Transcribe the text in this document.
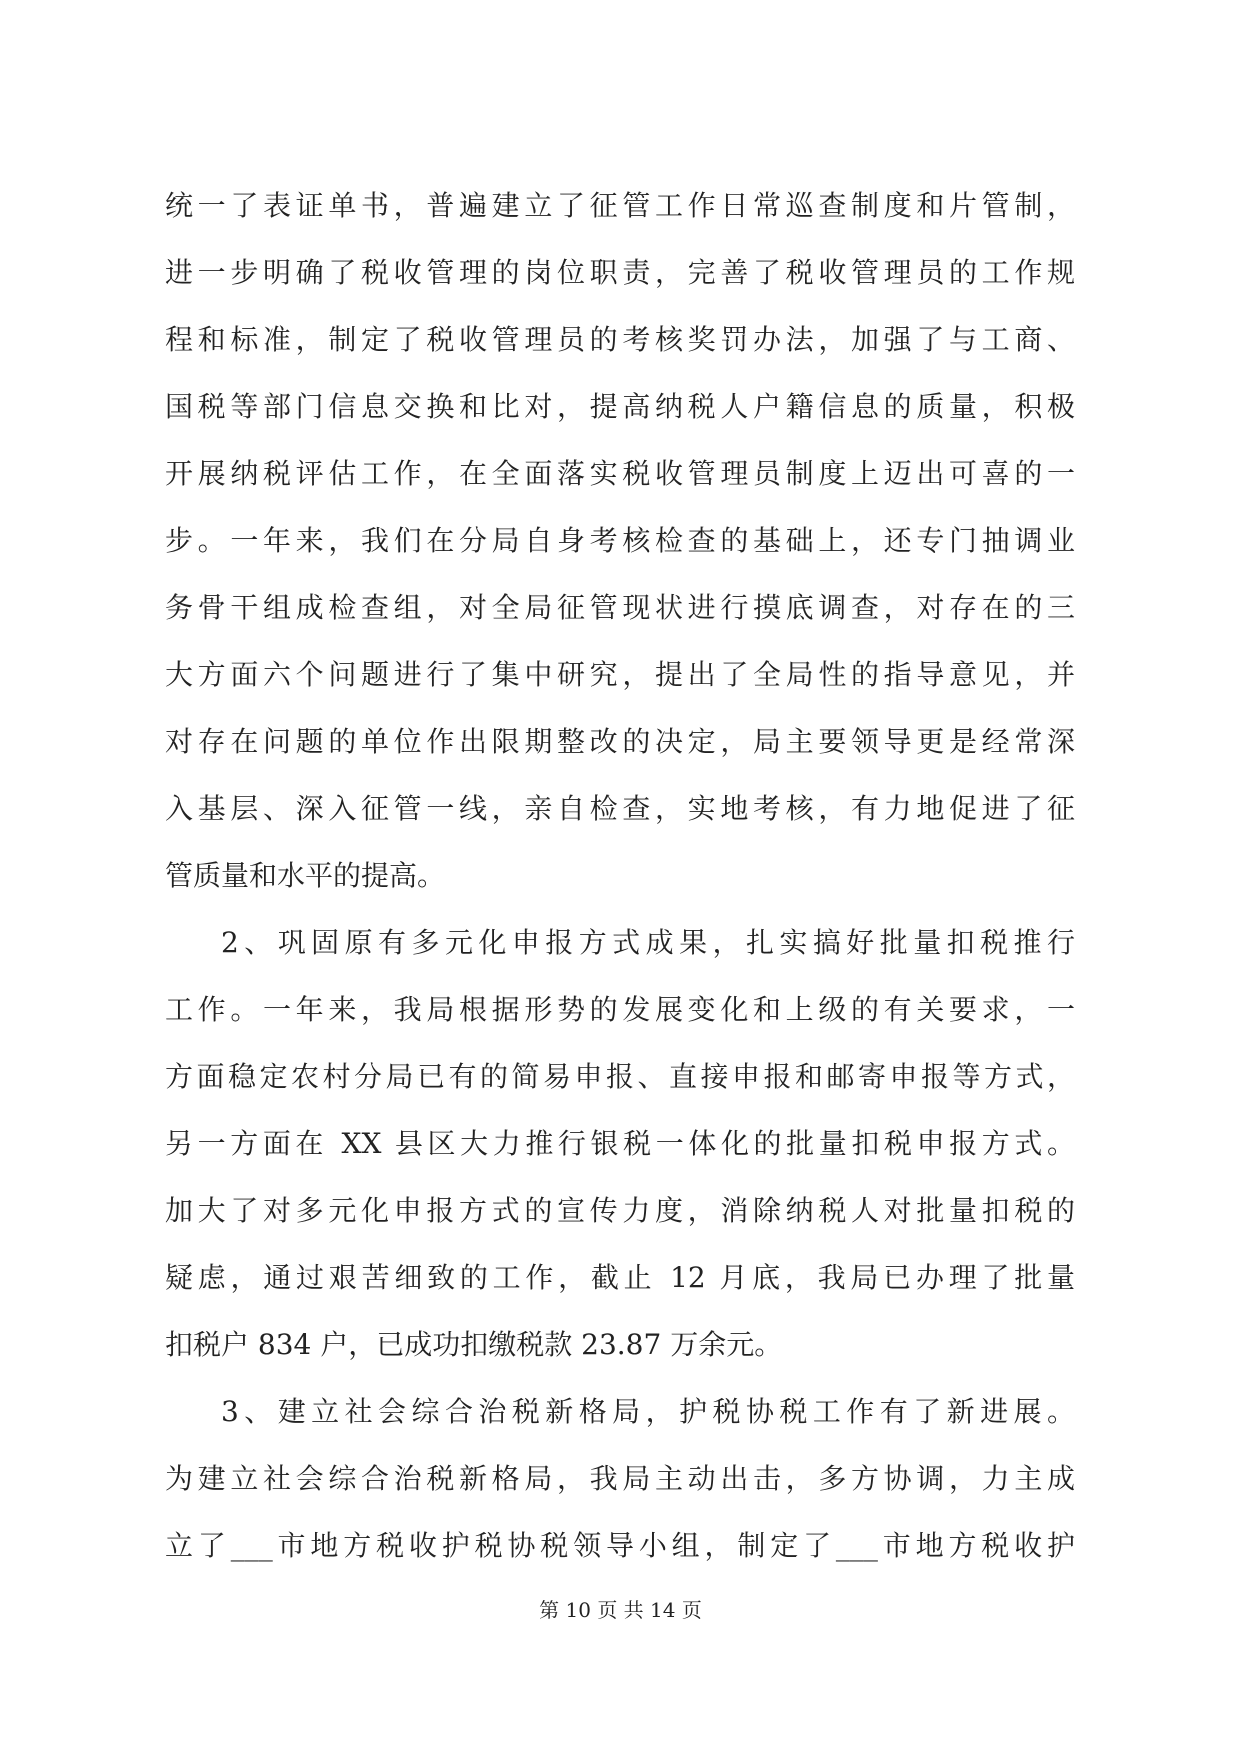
统一了表证单书，普遍建立了征管工作日常巡查制度和片管制，
进一步明确了税收管理的岗位职责，完善了税收管理员的工作规
程和标准，制定了税收管理员的考核奖罚办法，加强了与工商、
国税等部门信息交换和比对，提高纳税人户籍信息的质量，积极
开展纳税评估工作，在全面落实税收管理员制度上迈出可喜的一
步。一年来，我们在分局自身考核检查的基础上，还专门抽调业
务骨干组成检查组，对全局征管现状进行摸底调查，对存在的三
大方面六个问题进行了集中研究，提出了全局性的指导意见，并
对存在问题的单位作出限期整改的决定，局主要领导更是经常深
入基层、深入征管一线，亲自检查，实地考核，有力地促进了征
管质量和水平的提高。
2、巩固原有多元化申报方式成果，扎实搞好批量扣税推行
工作。一年来，我局根据形势的发展变化和上级的有关要求，一
方面稳定农村分局已有的简易申报、直接申报和邮寄申报等方式，
另一方面在 XX 县区大力推行银税一体化的批量扣税申报方式。
加大了对多元化申报方式的宣传力度，消除纳税人对批量扣税的
疑虑，通过艰苦细致的工作，截止 12 月底，我局已办理了批量
扣税户 834 户，已成功扣缴税款 23.87 万余元。
3、建立社会综合治税新格局，护税协税工作有了新进展。
为建立社会综合治税新格局，我局主动出击，多方协调，力主成
立了___市地方税收护税协税领导小组，制定了___市地方税收护
第 10 页 共 14 页
